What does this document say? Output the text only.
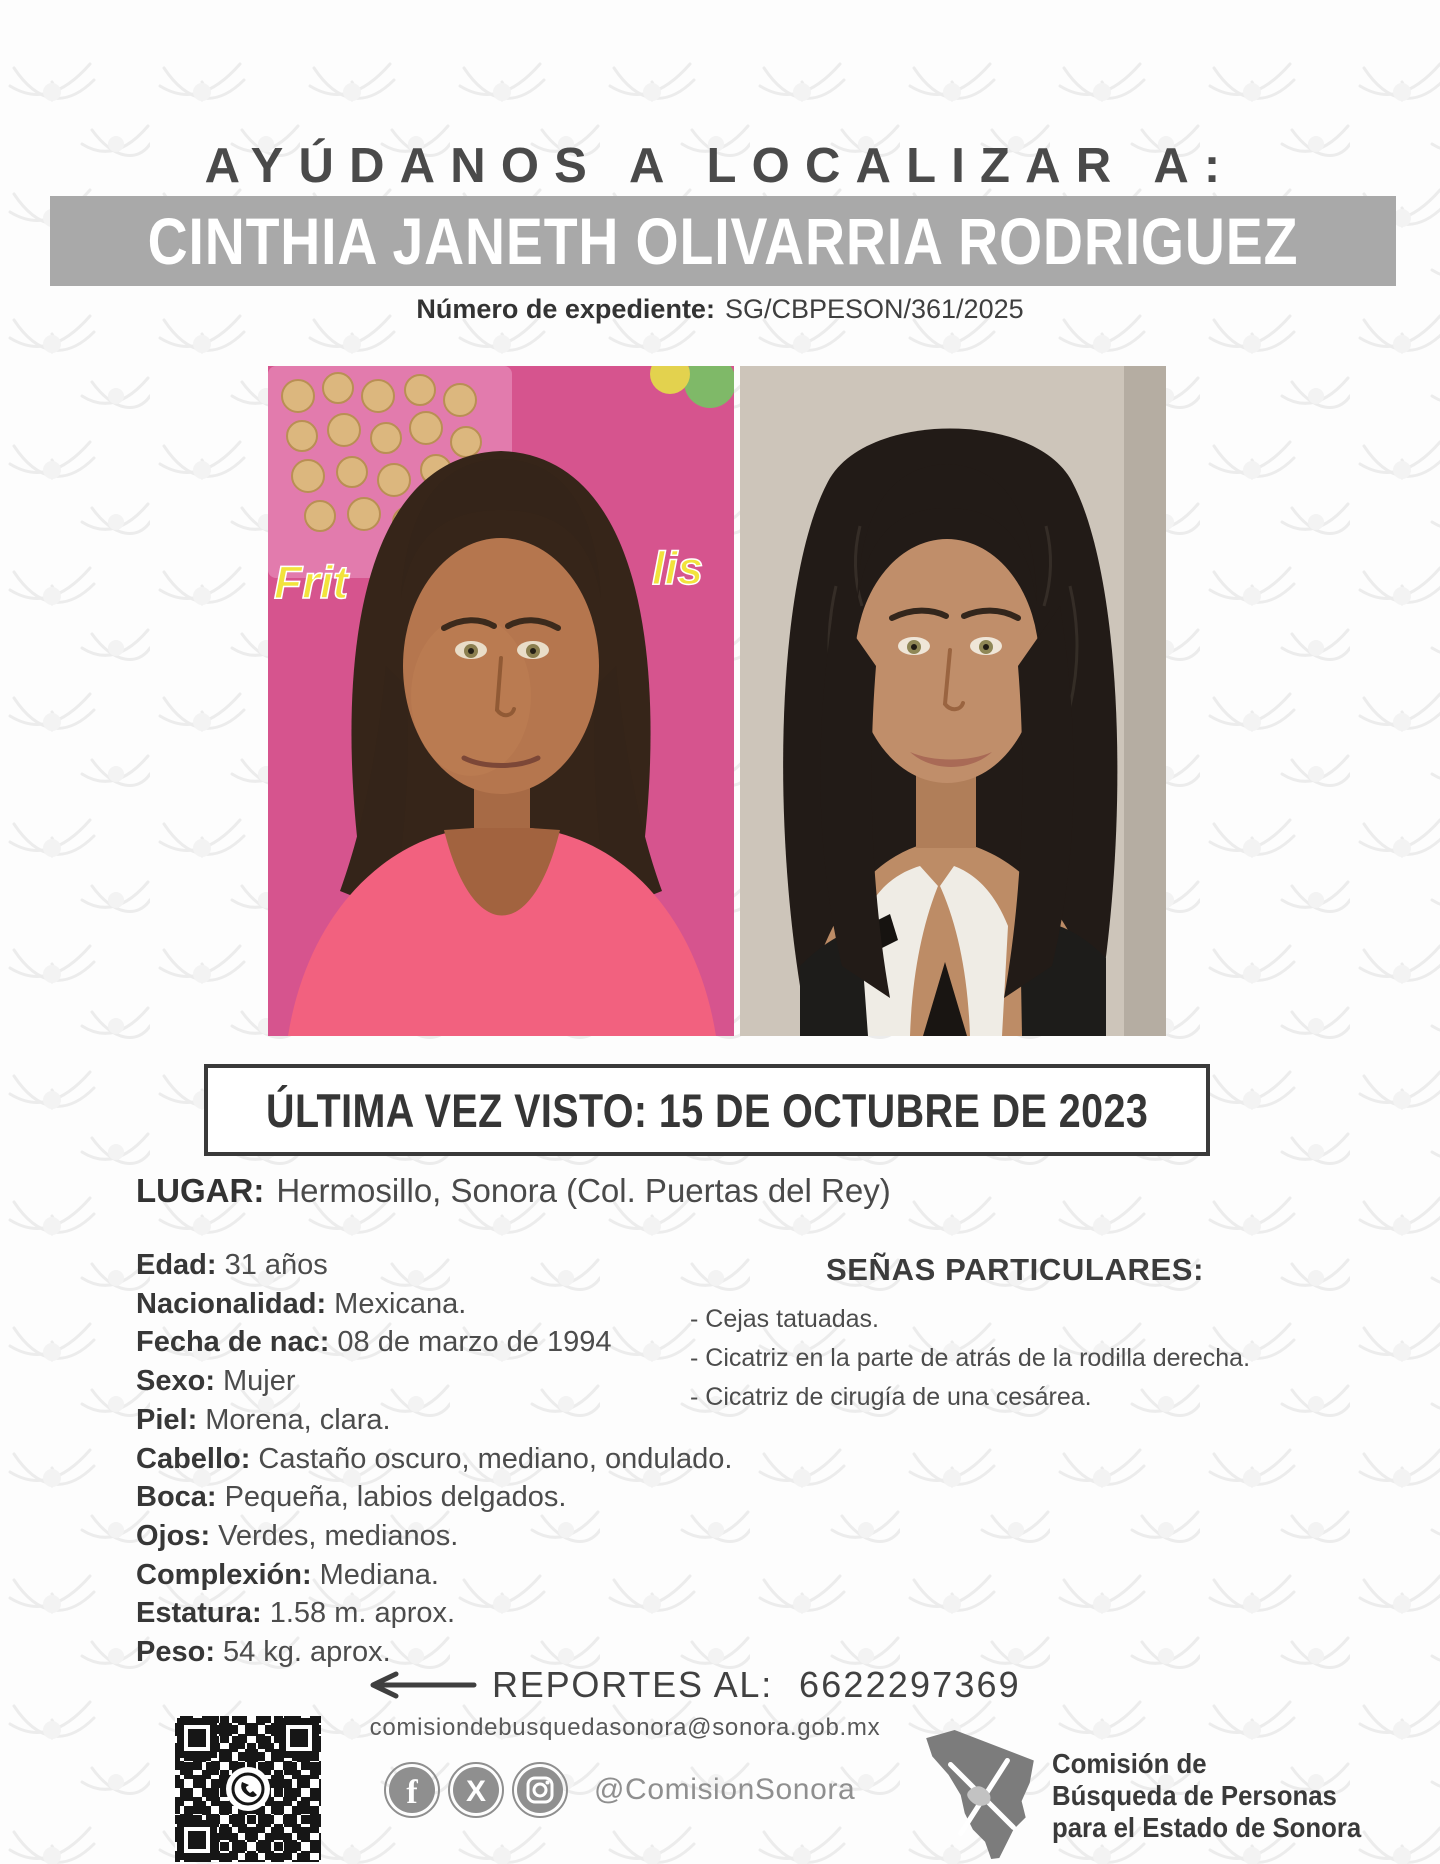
AYÚDANOS A LOCALIZAR A:
CINTHIA JANETH OLIVARRIA RODRIGUEZ
Número de expediente: SG/CBPESON/361/2025
Frit	lis
ÚLTIMA VEZ VISTO: 15 DE OCTUBRE DE 2023
LUGAR: Hermosillo, Sonora (Col. Puertas del Rey)
Edad: 31 años
Nacionalidad: Mexicana.
Fecha de nac: 08 de marzo de 1994
Sexo: Mujer
Piel: Morena, clara.
Cabello: Castaño oscuro, mediano, ondulado.
Boca: Pequeña, labios delgados.
Ojos: Verdes, medianos.
Complexión: Mediana.
Estatura: 1.58 m. aprox.
Peso: 54 kg. aprox.
SEÑAS PARTICULARES:
- Cejas tatuadas.
- Cicatriz en la parte de atrás de la rodilla derecha.
- Cicatriz de cirugía de una cesárea.
REPORTES AL: 6622297369
comisiondebusquedasonora@sonora.gob.mx
f X	@ComisionSonora
Comisión de
Búsqueda de Personas
para el Estado de Sonora
